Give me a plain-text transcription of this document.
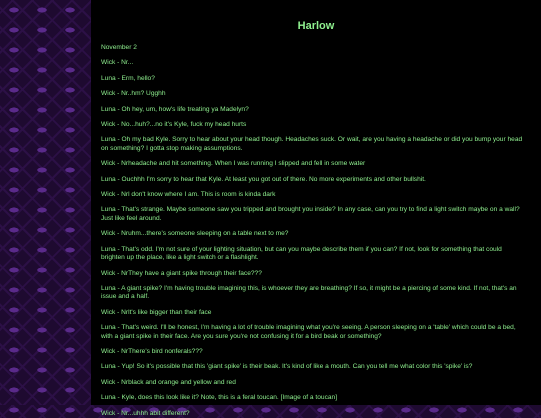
Harlow

November 2

Wick - Nr...

Luna - Erm, hello?

Wick - Nr..hm? Ugghh

Luna - Oh hey, um, how's life treating ya Madelyn?

Wick - No...huh?...no it's Kyle, fuck my head hurts

Luna - Oh my bad Kyle. Sorry to hear about your head though. Headaches suck. Or wait, are you having a headache or did you bump your head on something? I gotta stop making assumptions.

Wick - Nrheadache and hit something. When I was running I slipped and fell in some water

Luna - Ouchhh I'm sorry to hear that Kyle. At least you got out of there. No more experiments and other bullshit.

Wick - Nrl don't know where I am. This is room is kinda dark

Luna - That's strange. Maybe someone saw you tripped and brought you inside? In any case, can you try to find a light switch maybe on a wall? Just like feel around.

Wick - Nruhm...there's someone sleeping on a table next to me?

Luna - That's odd. I'm not sure of your lighting situation, but can you maybe describe them if you can? If not, look for something that could brighten up the place, like a light switch or a flashlight.

Wick - NrThey have a giant spike through their face???

Luna - A giant spike? I'm having trouble imagining this, is whoever they are breathing? If so, it might be a piercing of some kind. If not, that's an issue and a half.

Wick - Nrlt's like bigger than their face

Luna - That's weird. I'll be honest, I'm having a lot of trouble imagining what you're seeing. A person sleeping on a 'table' which could be a bed, with a giant spike in their face. Are you sure you're not confusing it for a bird beak or something?

Wick - NrThere's bird nonferals???

Luna - Yup! So it's possible that this 'giant spike' is their beak. It's kind of like a mouth. Can you tell me what color this 'spike' is?

Wick - Nrblack and orange and yellow and red

Luna - Kyle, does this look like it? Note, this is a feral toucan. [Image of a toucan]

Wick - Nr...uhhh abit different?
